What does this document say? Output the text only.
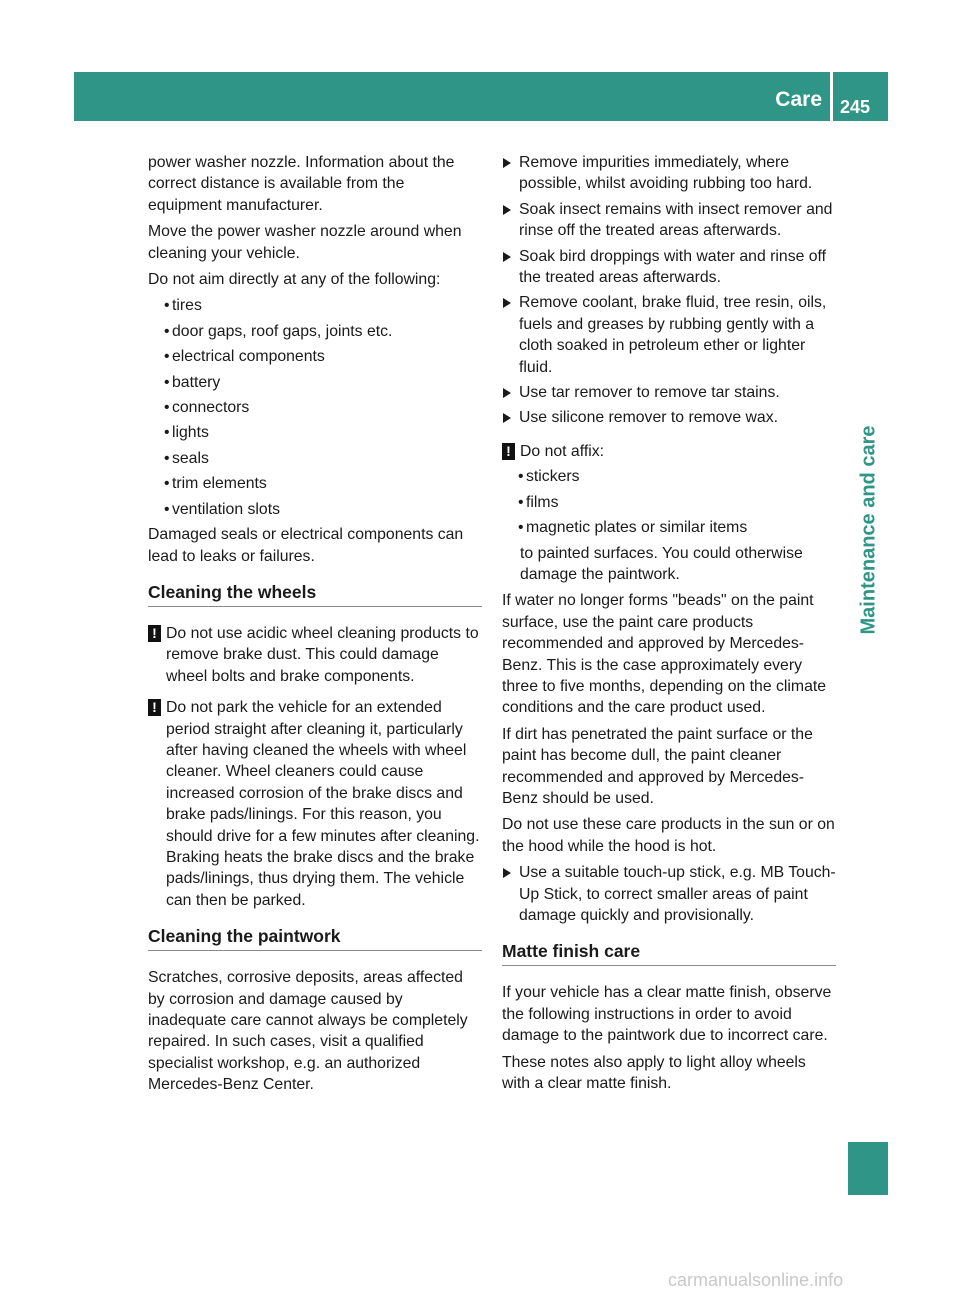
Care 245
Maintenance and care

power washer nozzle. Information about the correct distance is available from the equipment manufacturer.

Move the power washer nozzle around when cleaning your vehicle.

Do not aim directly at any of the following:

• tires
• door gaps, roof gaps, joints etc.
• electrical components
• battery
• connectors
• lights
• seals
• trim elements
• ventilation slots

Damaged seals or electrical components can lead to leaks or failures.

Cleaning the wheels
! Do not use acidic wheel cleaning products to remove brake dust. This could damage wheel bolts and brake components.
! Do not park the vehicle for an extended period straight after cleaning it, particularly after having cleaned the wheels with wheel cleaner. Wheel cleaners could cause increased corrosion of the brake discs and brake pads/linings. For this reason, you should drive for a few minutes after cleaning. Braking heats the brake discs and the brake pads/linings, thus drying them. The vehicle can then be parked.
Cleaning the paintwork

Scratches, corrosive deposits, areas affected by corrosion and damage caused by inadequate care cannot always be completely repaired. In such cases, visit a qualified specialist workshop, e.g. an authorized Mercedes-Benz Center.

Remove impurities immediately, where possible, whilst avoiding rubbing too hard.
Soak insect remains with insect remover and rinse off the treated areas afterwards.
Soak bird droppings with water and rinse off the treated areas afterwards.
Remove coolant, brake fluid, tree resin, oils, fuels and greases by rubbing gently with a cloth soaked in petroleum ether or lighter fluid.
Use tar remover to remove tar stains.
Use silicone remover to remove wax.
! Do not affix:
• stickers
• films
• magnetic plates or similar items

to painted surfaces. You could otherwise damage the paintwork.

If water no longer forms "beads" on the paint surface, use the paint care products recommended and approved by Mercedes-Benz. This is the case approximately every three to five months, depending on the climate conditions and the care product used.

If dirt has penetrated the paint surface or the paint has become dull, the paint cleaner recommended and approved by Mercedes-Benz should be used.

Do not use these care products in the sun or on the hood while the hood is hot.

Use a suitable touch-up stick, e.g. MB Touch-Up Stick, to correct smaller areas of paint damage quickly and provisionally.
Matte finish care

If your vehicle has a clear matte finish, observe the following instructions in order to avoid damage to the paintwork due to incorrect care.

These notes also apply to light alloy wheels with a clear matte finish.

carmanualsonline.info
